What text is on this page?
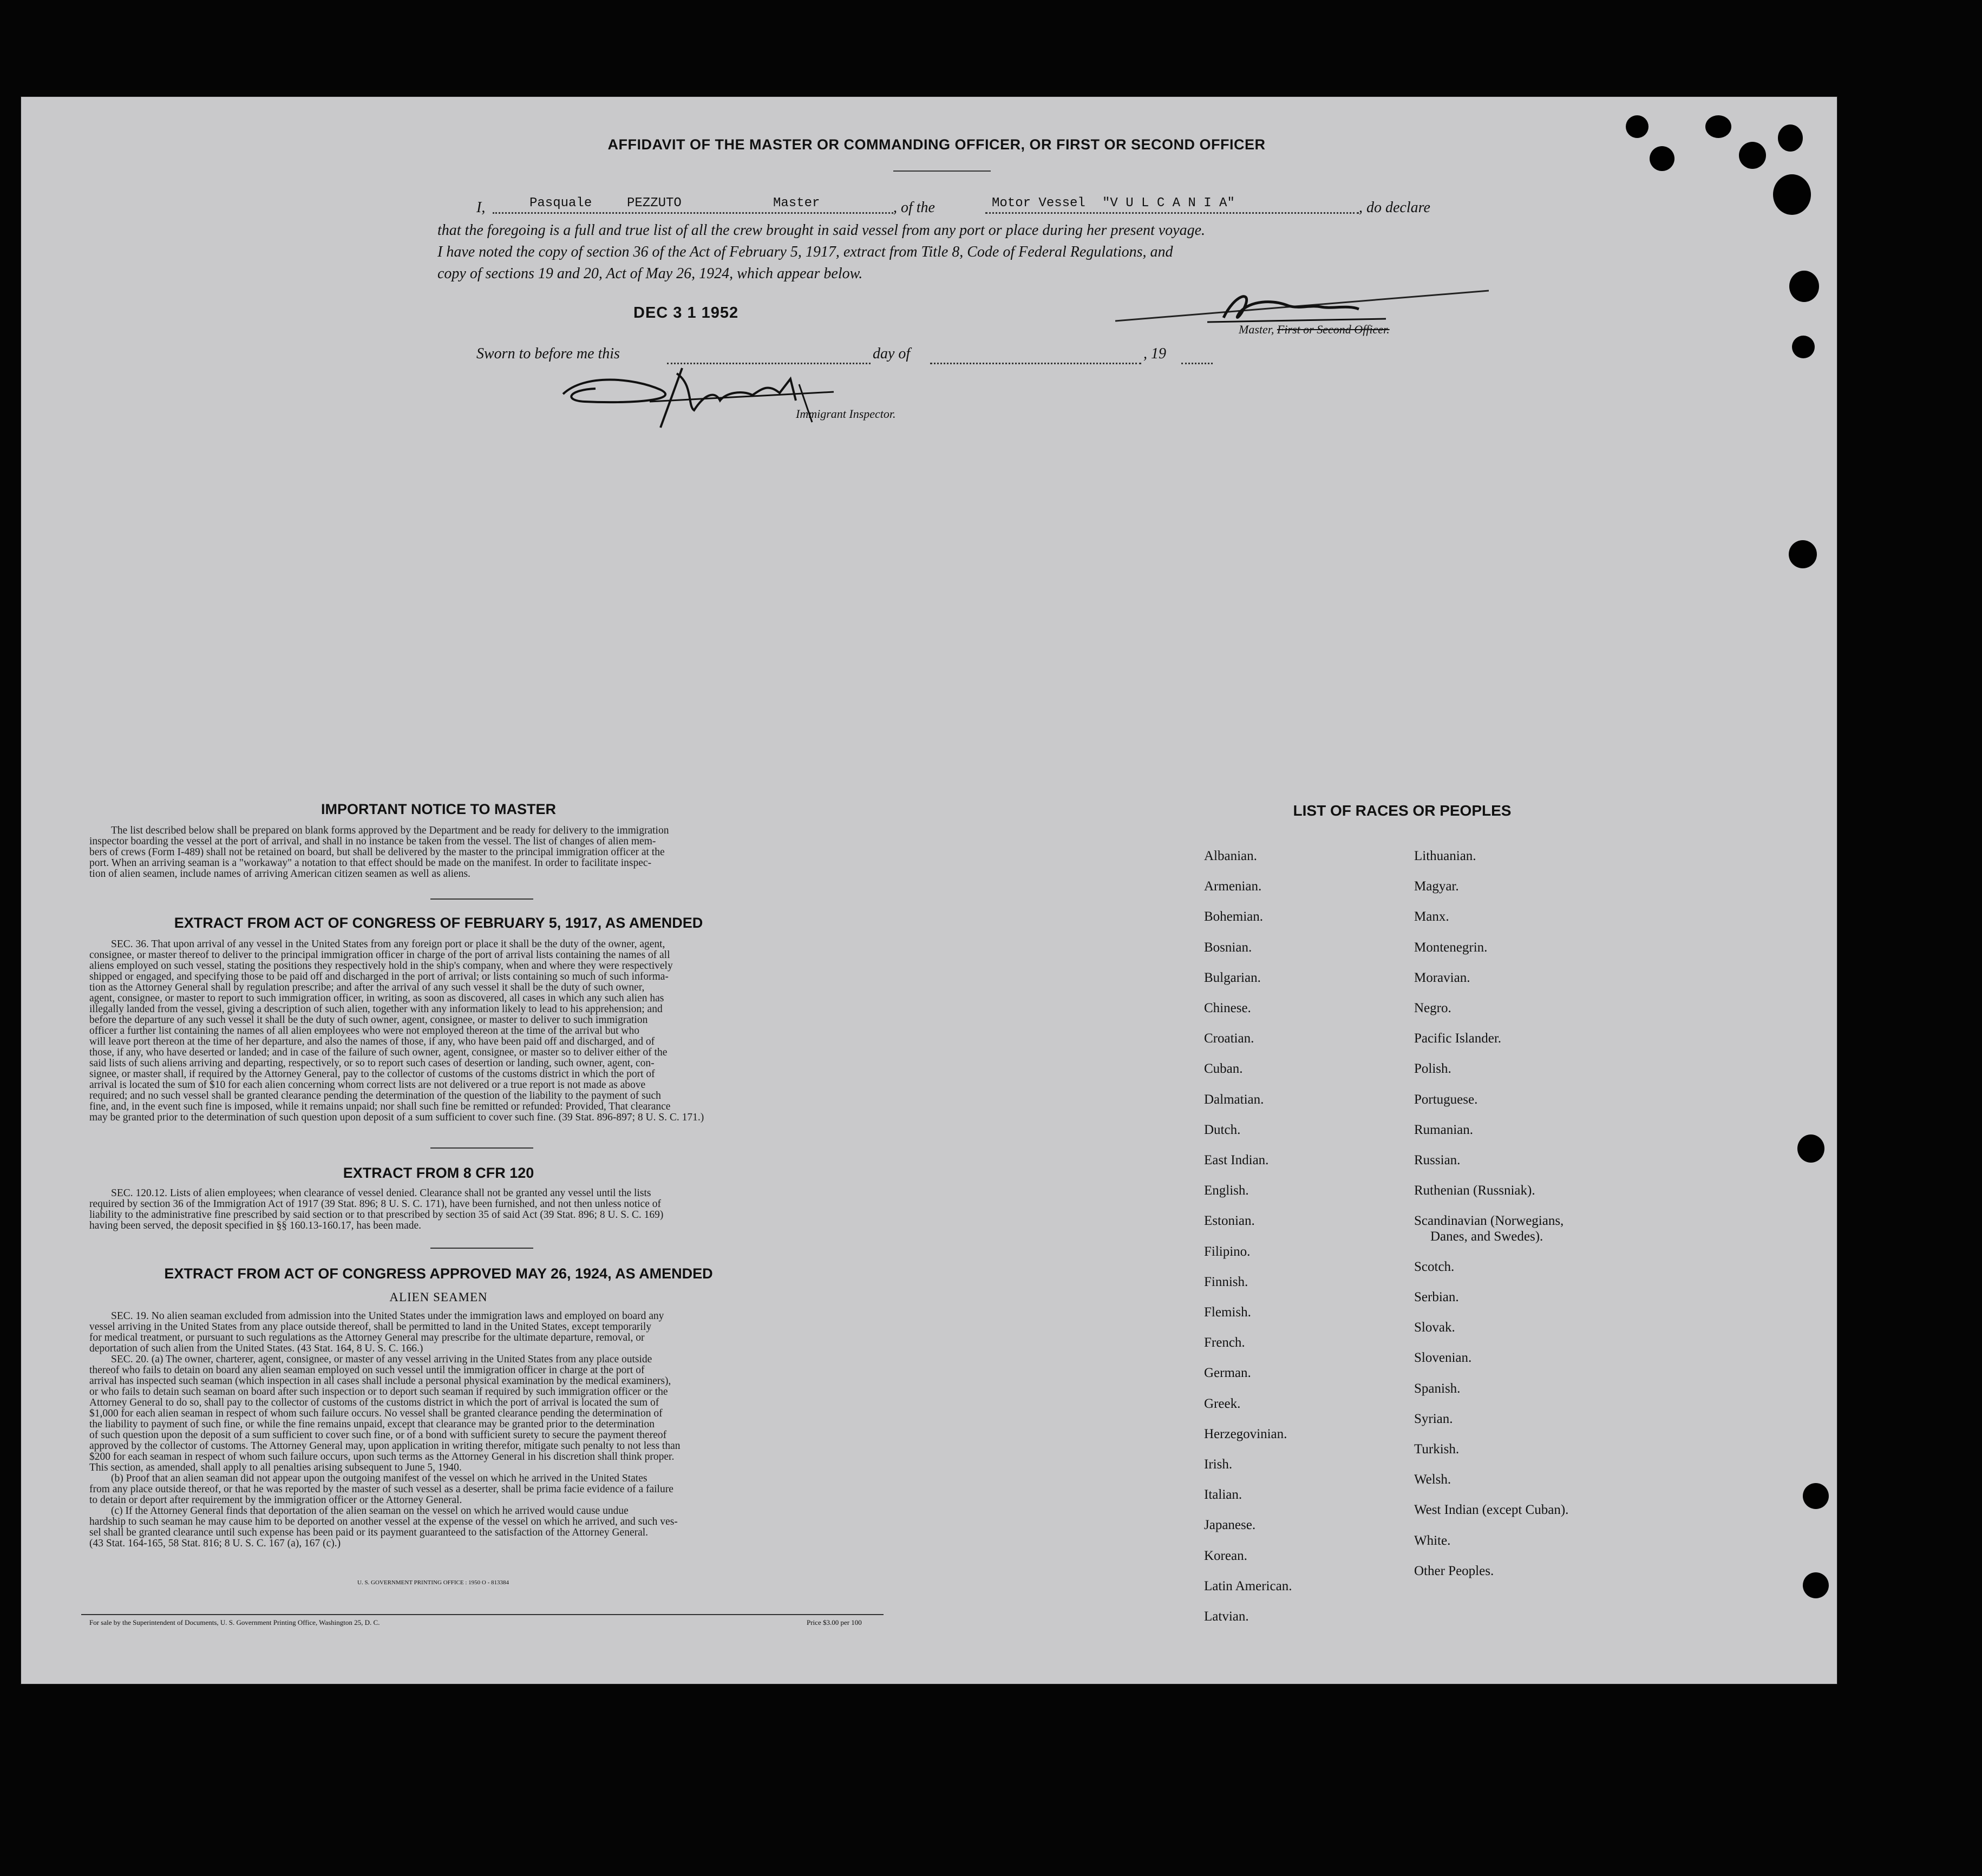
AFFIDAVIT OF THE MASTER OR COMMANDING OFFICER, OR FIRST OR SECOND OFFICER
I,	Pasquale	PEZZUTO	Master	, of the	Motor Vessel "V U L C A N I A"	, do declare
that the foregoing is a full and true list of all the crew brought in said vessel from any port or place during her present voyage.
I have noted the copy of section 36 of the Act of February 5, 1917, extract from Title 8, Code of Federal Regulations, and
copy of sections 19 and 20, Act of May 26, 1924, which appear below.
DEC 3 1 1952
Master, First or Second Officer.
Sworn to before me this	day of	, 19
Immigrant Inspector.
IMPORTANT NOTICE TO MASTER
The list described below shall be prepared on blank forms approved by the Department and be ready for delivery to the immigration
inspector boarding the vessel at the port of arrival, and shall in no instance be taken from the vessel. The list of changes of alien mem-
bers of crews (Form I-489) shall not be retained on board, but shall be delivered by the master to the principal immigration officer at the
port. When an arriving seaman is a "workaway" a notation to that effect should be made on the manifest. In order to facilitate inspec-
tion of alien seamen, include names of arriving American citizen seamen as well as aliens.
EXTRACT FROM ACT OF CONGRESS OF FEBRUARY 5, 1917, AS AMENDED
SEC. 36. That upon arrival of any vessel in the United States from any foreign port or place it shall be the duty of the owner, agent,
consignee, or master thereof to deliver to the principal immigration officer in charge of the port of arrival lists containing the names of all
aliens employed on such vessel, stating the positions they respectively hold in the ship's company, when and where they were respectively
shipped or engaged, and specifying those to be paid off and discharged in the port of arrival; or lists containing so much of such informa-
tion as the Attorney General shall by regulation prescribe; and after the arrival of any such vessel it shall be the duty of such owner,
agent, consignee, or master to report to such immigration officer, in writing, as soon as discovered, all cases in which any such alien has
illegally landed from the vessel, giving a description of such alien, together with any information likely to lead to his apprehension; and
before the departure of any such vessel it shall be the duty of such owner, agent, consignee, or master to deliver to such immigration
officer a further list containing the names of all alien employees who were not employed thereon at the time of the arrival but who
will leave port thereon at the time of her departure, and also the names of those, if any, who have been paid off and discharged, and of
those, if any, who have deserted or landed; and in case of the failure of such owner, agent, consignee, or master so to deliver either of the
said lists of such aliens arriving and departing, respectively, or so to report such cases of desertion or landing, such owner, agent, con-
signee, or master shall, if required by the Attorney General, pay to the collector of customs of the customs district in which the port of
arrival is located the sum of $10 for each alien concerning whom correct lists are not delivered or a true report is not made as above
required; and no such vessel shall be granted clearance pending the determination of the question of the liability to the payment of such
fine, and, in the event such fine is imposed, while it remains unpaid; nor shall such fine be remitted or refunded: Provided, That clearance
may be granted prior to the determination of such question upon deposit of a sum sufficient to cover such fine. (39 Stat. 896-897; 8 U. S. C. 171.)
EXTRACT FROM 8 CFR 120
SEC. 120.12. Lists of alien employees; when clearance of vessel denied. Clearance shall not be granted any vessel until the lists
required by section 36 of the Immigration Act of 1917 (39 Stat. 896; 8 U. S. C. 171), have been furnished, and not then unless notice of
liability to the administrative fine prescribed by said section or to that prescribed by section 35 of said Act (39 Stat. 896; 8 U. S. C. 169)
having been served, the deposit specified in §§ 160.13-160.17, has been made.
EXTRACT FROM ACT OF CONGRESS APPROVED MAY 26, 1924, AS AMENDED
ALIEN SEAMEN
SEC. 19. No alien seaman excluded from admission into the United States under the immigration laws and employed on board any
vessel arriving in the United States from any place outside thereof, shall be permitted to land in the United States, except temporarily
for medical treatment, or pursuant to such regulations as the Attorney General may prescribe for the ultimate departure, removal, or
deportation of such alien from the United States. (43 Stat. 164, 8 U. S. C. 166.)
SEC. 20. (a) The owner, charterer, agent, consignee, or master of any vessel arriving in the United States from any place outside
thereof who fails to detain on board any alien seaman employed on such vessel until the immigration officer in charge at the port of
arrival has inspected such seaman (which inspection in all cases shall include a personal physical examination by the medical examiners),
or who fails to detain such seaman on board after such inspection or to deport such seaman if required by such immigration officer or the
Attorney General to do so, shall pay to the collector of customs of the customs district in which the port of arrival is located the sum of
$1,000 for each alien seaman in respect of whom such failure occurs. No vessel shall be granted clearance pending the determination of
the liability to payment of such fine, or while the fine remains unpaid, except that clearance may be granted prior to the determination
of such question upon the deposit of a sum sufficient to cover such fine, or of a bond with sufficient surety to secure the payment thereof
approved by the collector of customs. The Attorney General may, upon application in writing therefor, mitigate such penalty to not less than
$200 for each seaman in respect of whom such failure occurs, upon such terms as the Attorney General in his discretion shall think proper.
This section, as amended, shall apply to all penalties arising subsequent to June 5, 1940.
(b) Proof that an alien seaman did not appear upon the outgoing manifest of the vessel on which he arrived in the United States
from any place outside thereof, or that he was reported by the master of such vessel as a deserter, shall be prima facie evidence of a failure
to detain or deport after requirement by the immigration officer or the Attorney General.
(c) If the Attorney General finds that deportation of the alien seaman on the vessel on which he arrived would cause undue
hardship to such seaman he may cause him to be deported on another vessel at the expense of the vessel on which he arrived, and such ves-
sel shall be granted clearance until such expense has been paid or its payment guaranteed to the satisfaction of the Attorney General.
(43 Stat. 164-165, 58 Stat. 816; 8 U. S. C. 167 (a), 167 (c).)
U. S. GOVERNMENT PRINTING OFFICE : 1950 O - 813384
For sale by the Superintendent of Documents, U. S. Government Printing Office, Washington 25, D. C.	Price $3.00 per 100
LIST OF RACES OR PEOPLES
Albanian.
Armenian.
Bohemian.
Bosnian.
Bulgarian.
Chinese.
Croatian.
Cuban.
Dalmatian.
Dutch.
East Indian.
English.
Estonian.
Filipino.
Finnish.
Flemish.
French.
German.
Greek.
Herzegovinian.
Irish.
Italian.
Japanese.
Korean.
Latin American.
Latvian.
Lithuanian.
Magyar.
Manx.
Montenegrin.
Moravian.
Negro.
Pacific Islander.
Polish.
Portuguese.
Rumanian.
Russian.
Ruthenian (Russniak).
Scandinavian (Norwegians,
Danes, and Swedes).
Scotch.
Serbian.
Slovak.
Slovenian.
Spanish.
Syrian.
Turkish.
Welsh.
West Indian (except Cuban).
White.
Other Peoples.
